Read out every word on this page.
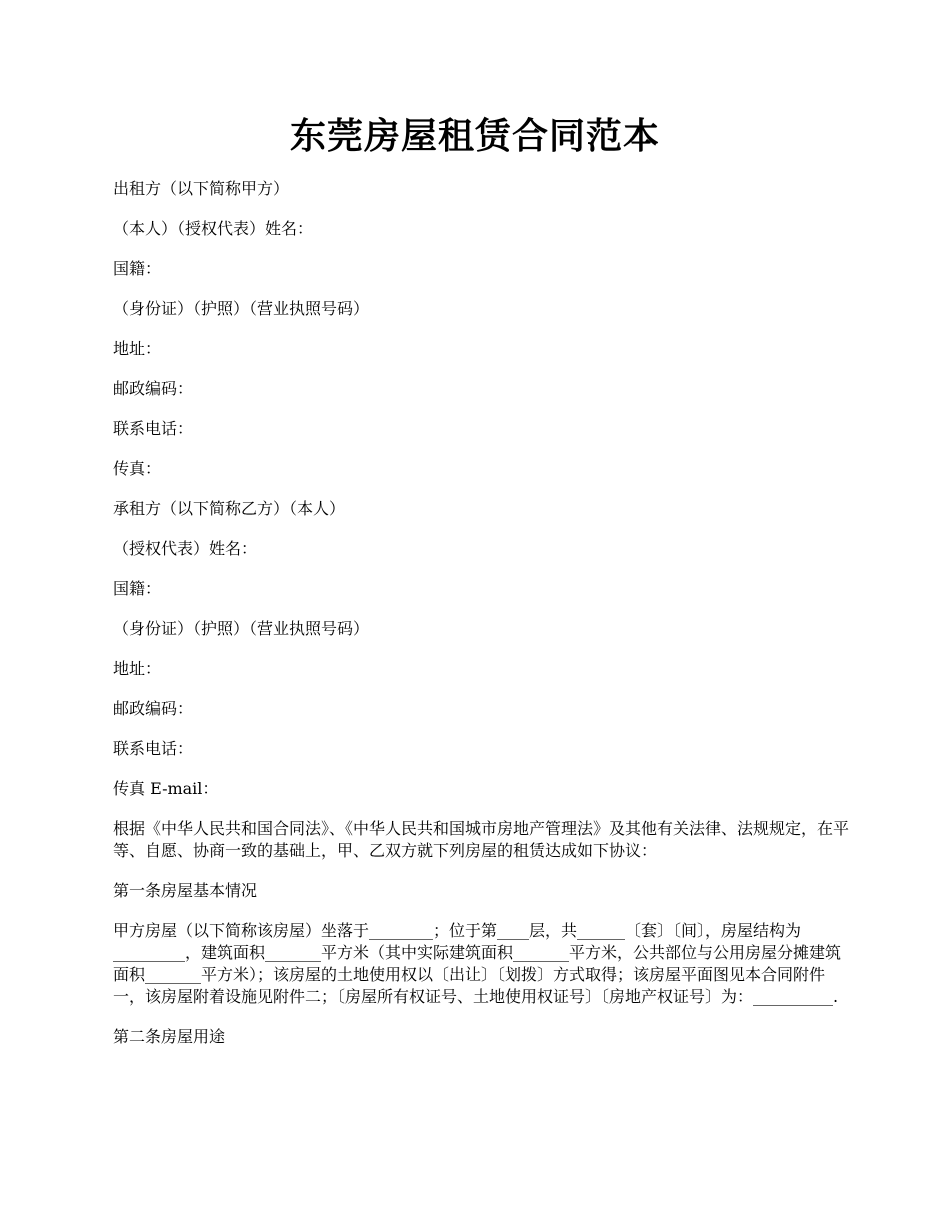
东莞房屋租赁合同范本

出租方（以下简称甲方）

（本人）（授权代表）姓名：

国籍：

（身份证）（护照）（营业执照号码）

地址：

邮政编码：

联系电话：

传真：

承租方（以下简称乙方）（本人）

（授权代表）姓名：

国籍：

（身份证）（护照）（营业执照号码）

地址：

邮政编码：

联系电话：

传真 E-mail：

根据《中华人民共和国合同法》、《中华人民共和国城市房地产管理法》及其他有关法律、法规规定，在平等、自愿、协商一致的基础上，甲、乙双方就下列房屋的租赁达成如下协议：

第一条房屋基本情况

甲方房屋（以下简称该房屋）坐落于________；位于第____层，共______〔套〕〔间〕，房屋结构为_________，建筑面积_______平方米（其中实际建筑面积_______平方米，公共部位与公用房屋分摊建筑面积_______平方米）；该房屋的土地使用权以〔出让〕〔划拨〕方式取得；该房屋平面图见本合同附件一，该房屋附着设施见附件二；〔房屋所有权证号、土地使用权证号〕〔房地产权证号〕为：__________.

第二条房屋用途
